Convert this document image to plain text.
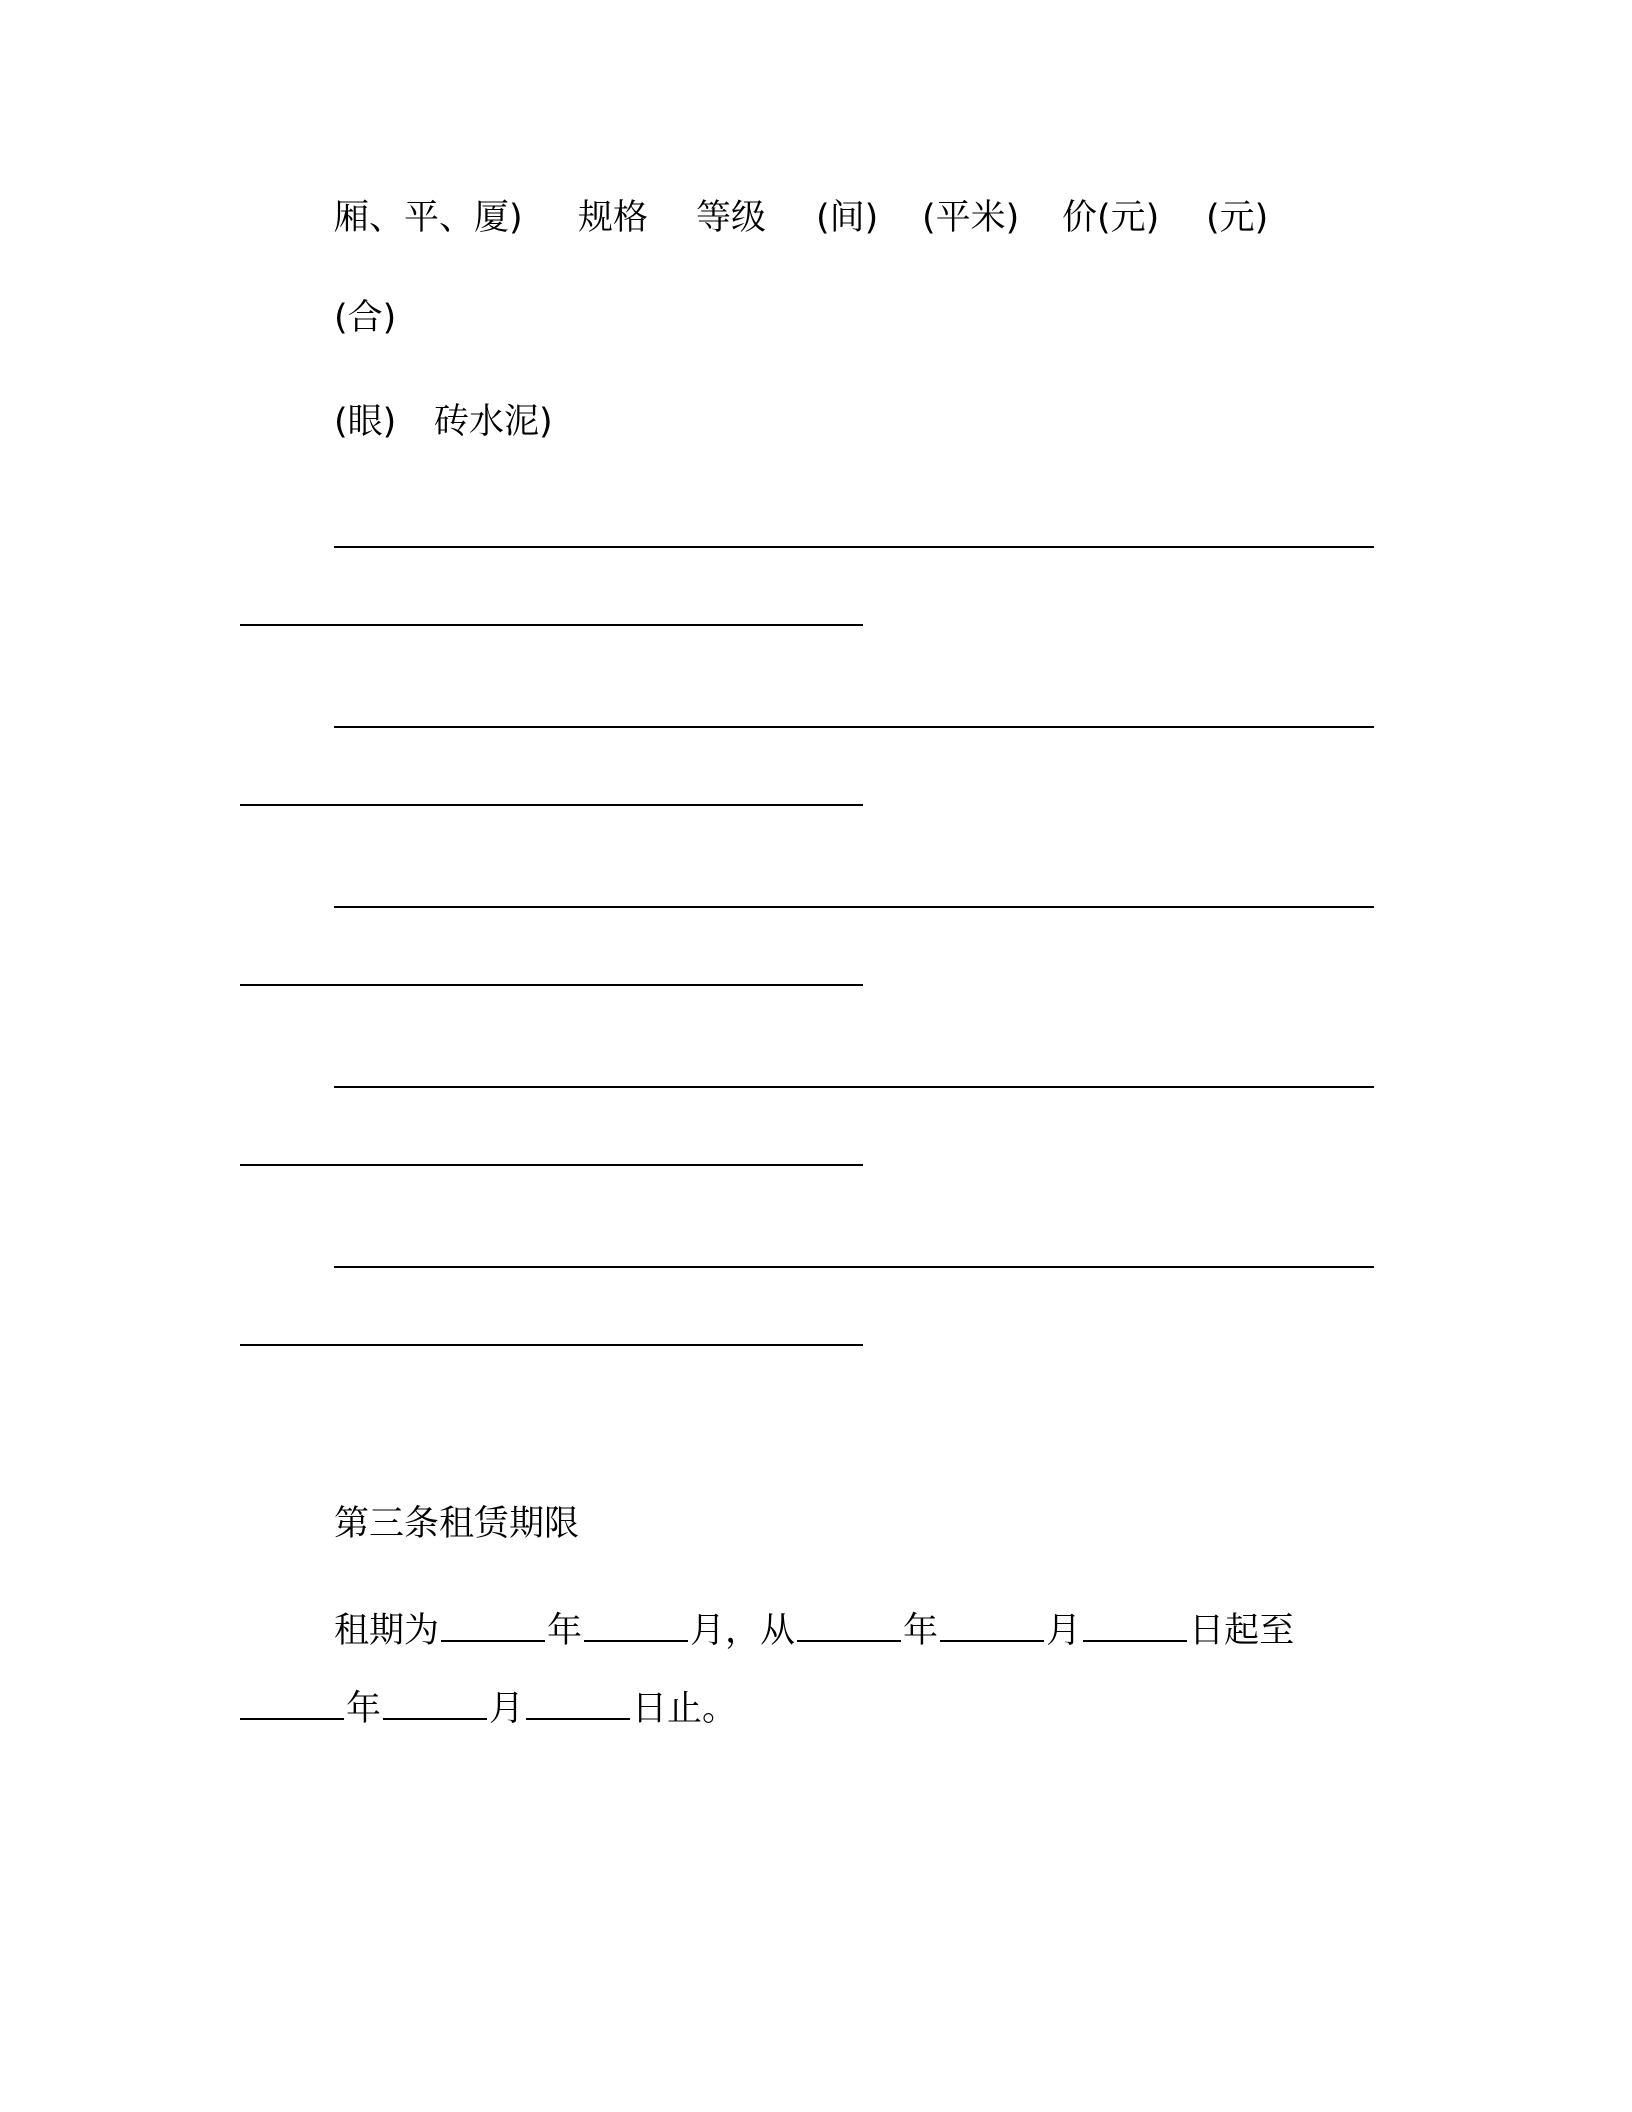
厢、平、厦) 规格 等级 (间) (平米) 价(元) (元)
(合)
(眼) 砖水泥)
第三条租赁期限
租期为	年	月，从	年	月	日起至
年	月	日止。
